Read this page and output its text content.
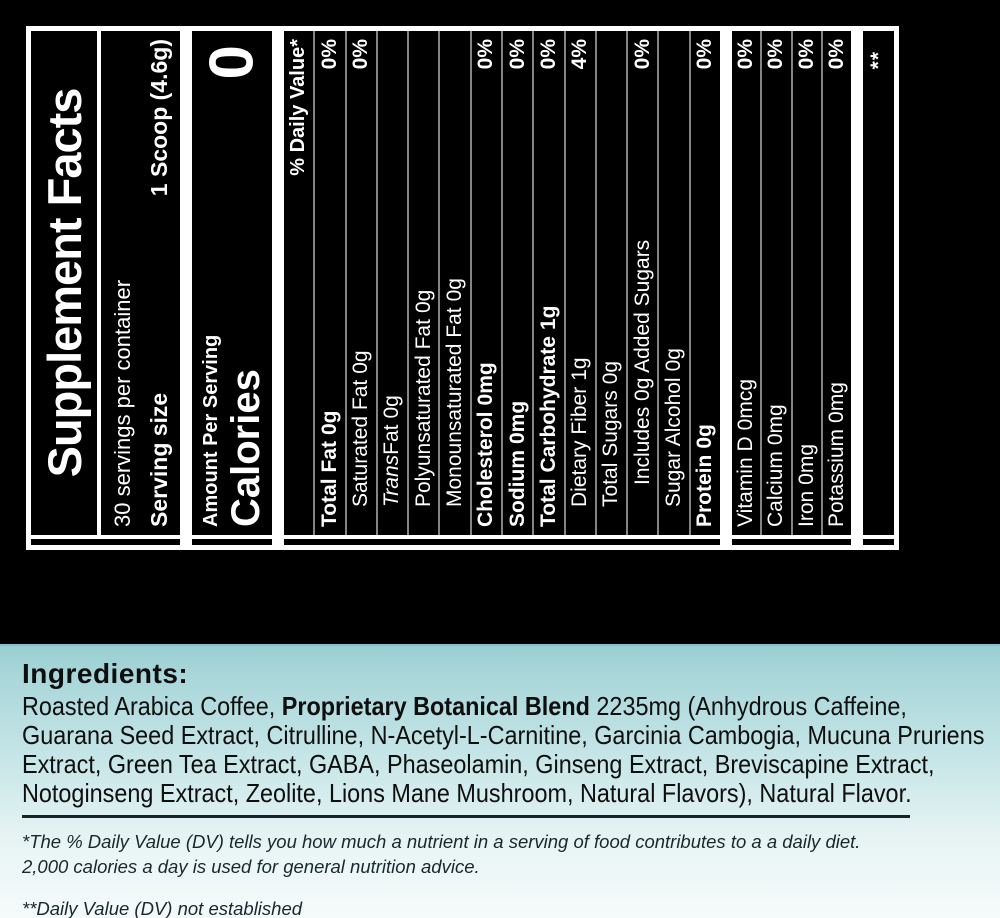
Supplement Facts 30 servings per container Serving size
1 Scoop (4.6g)
Amount Per Serving Calories
0 % Daily Value*
Total Fat
0g
0%
Saturated Fat
0g
0%
Trans
Fat
0g Polyunsaturated Fat
0g
Monounsaturated Fat
0g
Cholesterol
0mg
0%
Sodium
0mg
0%
Total Carbohydrate
1g
0%
Dietary Fiber
1g
4%
Total Sugars
0g Includes 0g Added Sugars
0%
Sugar Alcohol
0g
Protein
0g
0%
Vitamin D
0mcg
0%
Calcium
0mg
0%
Iron
0mg
0%
Potassium
0mg
0% **
Ingredients:
Roasted Arabica Coffee, Proprietary Botanical Blend 2235mg (Anhydrous Caffeine,
Guarana Seed Extract, Citrulline, N-Acetyl-L-Carnitine, Garcinia Cambogia, Mucuna Pruriens
Extract, Green Tea Extract, GABA, Phaseolamin, Ginseng Extract, Breviscapine Extract,
Notoginseng Extract, Zeolite, Lions Mane Mushroom, Natural Flavors), Natural Flavor.
*The % Daily Value (DV) tells you how much a nutrient in a serving of food contributes to a a daily diet.
2,000 calories a day is used for general nutrition advice.
**Daily Value (DV) not established
